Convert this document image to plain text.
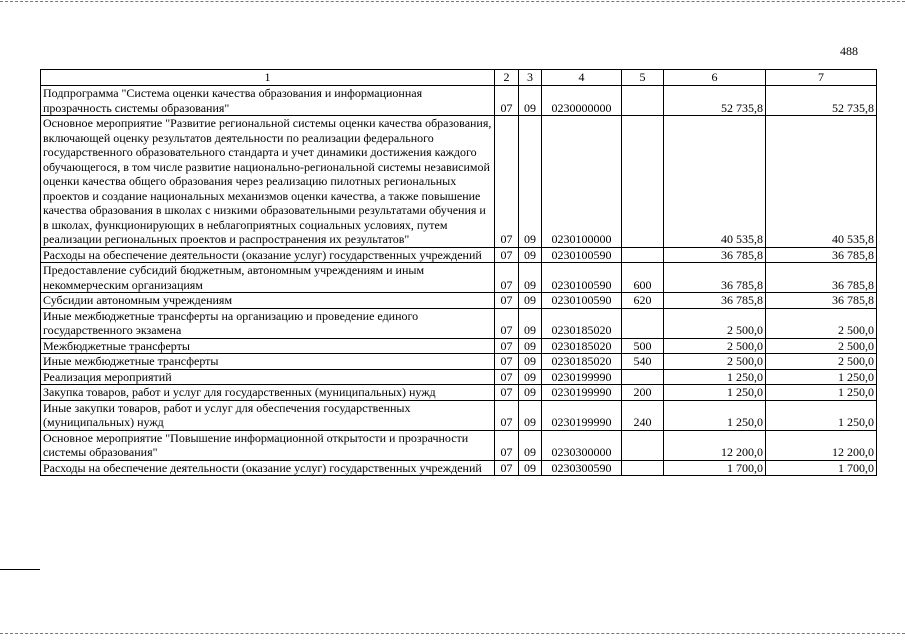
488
1	2	3	4	5	6	7
Подпрограмма "Система оценки качества образования и информационная прозрачность системы образования"	07	09	0230000000		52 735,8	52 735,8
Основное мероприятие "Развитие региональной системы оценки качества образования, включающей оценку результатов деятельности по реализации федерального государственного образовательного стандарта и учет динамики достижения каждого обучающегося, в том числе развитие национально-региональной системы независимой оценки качества общего образования через реализацию пилотных региональных проектов и создание национальных механизмов оценки качества, а также повышение качества образования в школах с низкими образовательными результатами обучения и в школах, функционирующих в неблагоприятных социальных условиях, путем реализации региональных проектов и распространения их результатов"	07	09	0230100000		40 535,8	40 535,8
Расходы на обеспечение деятельности (оказание услуг) государственных учреждений	07	09	0230100590		36 785,8	36 785,8
Предоставление субсидий бюджетным, автономным учреждениям и иным некоммерческим организациям	07	09	0230100590	600	36 785,8	36 785,8
Субсидии автономным учреждениям	07	09	0230100590	620	36 785,8	36 785,8
Иные межбюджетные трансферты на организацию и проведение единого государственного экзамена	07	09	0230185020		2 500,0	2 500,0
Межбюджетные трансферты	07	09	0230185020	500	2 500,0	2 500,0
Иные межбюджетные трансферты	07	09	0230185020	540	2 500,0	2 500,0
Реализация мероприятий	07	09	0230199990		1 250,0	1 250,0
Закупка товаров, работ и услуг для государственных (муниципальных) нужд	07	09	0230199990	200	1 250,0	1 250,0
Иные закупки товаров, работ и услуг для обеспечения государственных (муниципальных) нужд	07	09	0230199990	240	1 250,0	1 250,0
Основное мероприятие "Повышение информационной открытости и прозрачности системы образования"	07	09	0230300000		12 200,0	12 200,0
Расходы на обеспечение деятельности (оказание услуг) государственных учреждений	07	09	0230300590		1 700,0	1 700,0
